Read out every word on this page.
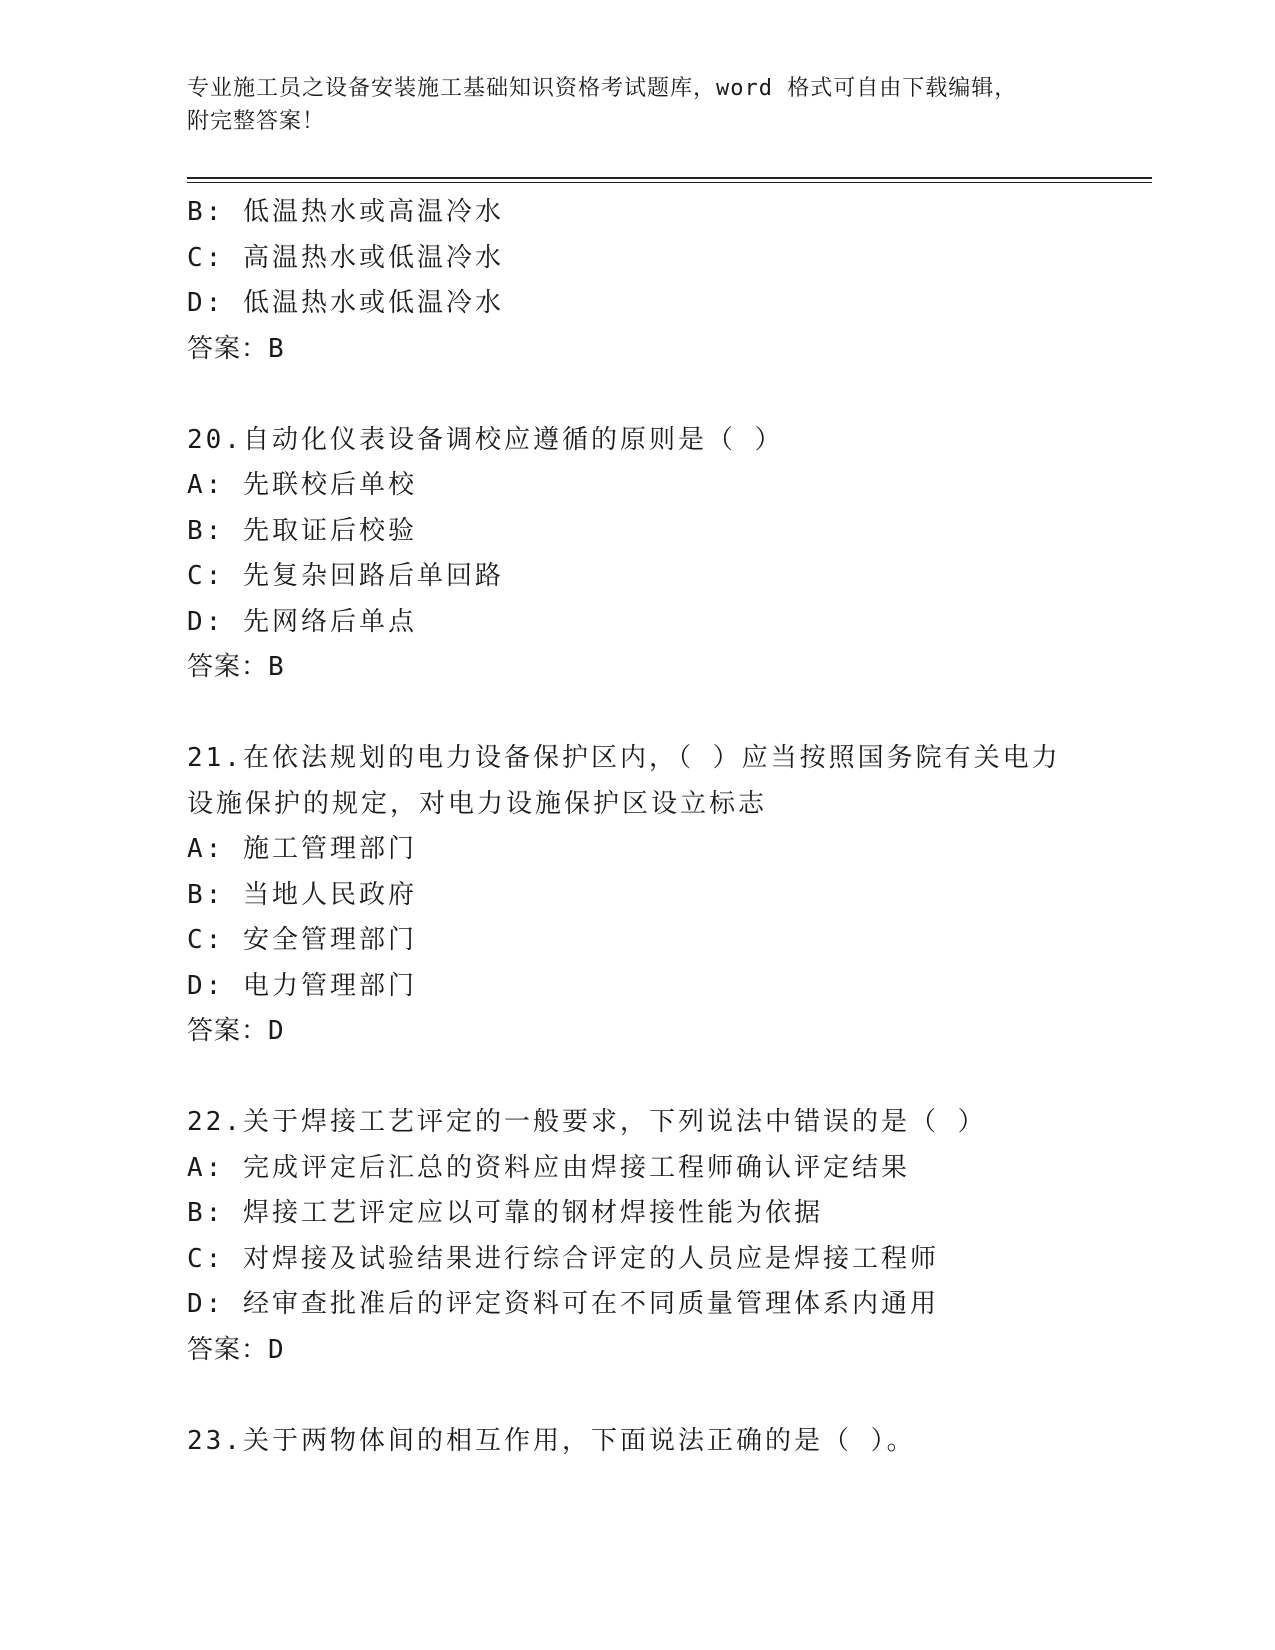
专业施工员之设备安装施工基础知识资格考试题库，word 格式可自由下载编辑，
附完整答案！
B: 低温热水或高温冷水
C: 高温热水或低温冷水
D: 低温热水或低温冷水
答案：B
20.自动化仪表设备调校应遵循的原则是（ ）
A: 先联校后单校
B: 先取证后校验
C: 先复杂回路后单回路
D: 先网络后单点
答案：B
21.在依法规划的电力设备保护区内，（ ）应当按照国务院有关电力
设施保护的规定，对电力设施保护区设立标志
A: 施工管理部门
B: 当地人民政府
C: 安全管理部门
D: 电力管理部门
答案：D
22.关于焊接工艺评定的一般要求，下列说法中错误的是（ ）
A: 完成评定后汇总的资料应由焊接工程师确认评定结果
B: 焊接工艺评定应以可靠的钢材焊接性能为依据
C: 对焊接及试验结果进行综合评定的人员应是焊接工程师
D: 经审查批准后的评定资料可在不同质量管理体系内通用
答案：D
23.关于两物体间的相互作用，下面说法正确的是（ ）。
